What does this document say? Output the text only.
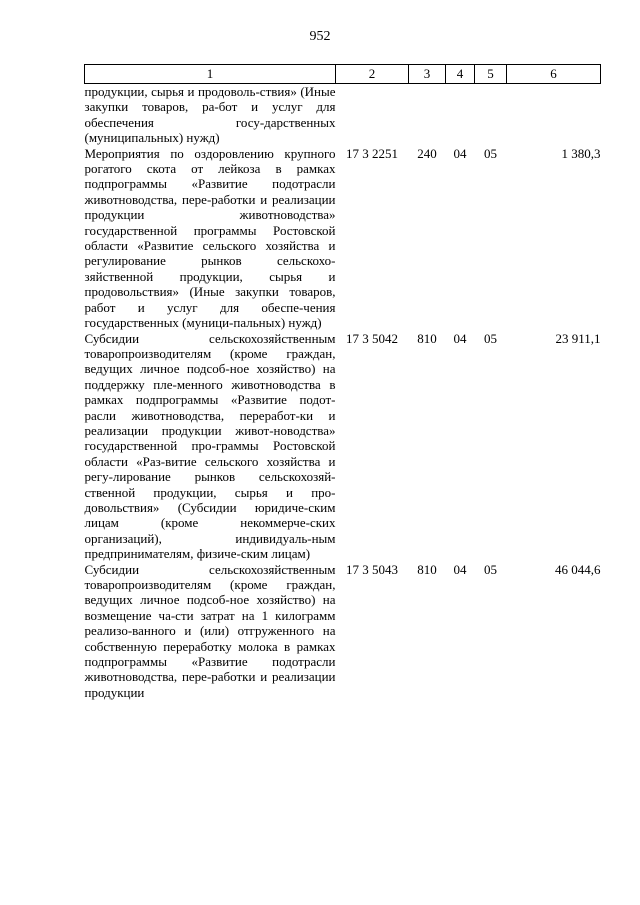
952
1	2	3	4	5	6
продукции, сырья и продоволь-ствия» (Иные закупки товаров, ра-бот и услуг для обеспечения госу-дарственных (муниципальных) нужд)					
Мероприятия по оздоровлению крупного рогатого скота от лейкоза в рамках подпрограммы «Развитие подотрасли животноводства, пере-работки и реализации продукции животноводства» государственной программы Ростовской области «Развитие сельского хозяйства и регулирование рынков сельскохо-зяйственной продукции, сырья и продовольствия» (Иные закупки товаров, работ и услуг для обеспе-чения государственных (муници-пальных) нужд)	17 3 2251	240	04	05	1 380,3
Субсидии сельскохозяйственным товаропроизводителям (кроме граждан, ведущих личное подсоб-ное хозяйство) на поддержку пле-менного животноводства в рамках подпрограммы «Развитие подот-расли животноводства, переработ-ки и реализации продукции живот-новодства» государственной про-граммы Ростовской области «Раз-витие сельского хозяйства и регу-лирование рынков сельскохозяй-ственной продукции, сырья и про-довольствия» (Субсидии юридиче-ским лицам (кроме некоммерче-ских организаций), индивидуаль-ным предпринимателям, физиче-ским лицам)	17 3 5042	810	04	05	23 911,1
Субсидии сельскохозяйственным товаропроизводителям (кроме граждан, ведущих личное подсоб-ное хозяйство) на возмещение ча-сти затрат на 1 килограмм реализо-ванного и (или) отгруженного на собственную переработку молока в рамках подпрограммы «Развитие подотрасли животноводства, пере-работки и реализации продукции	17 3 5043	810	04	05	46 044,6
